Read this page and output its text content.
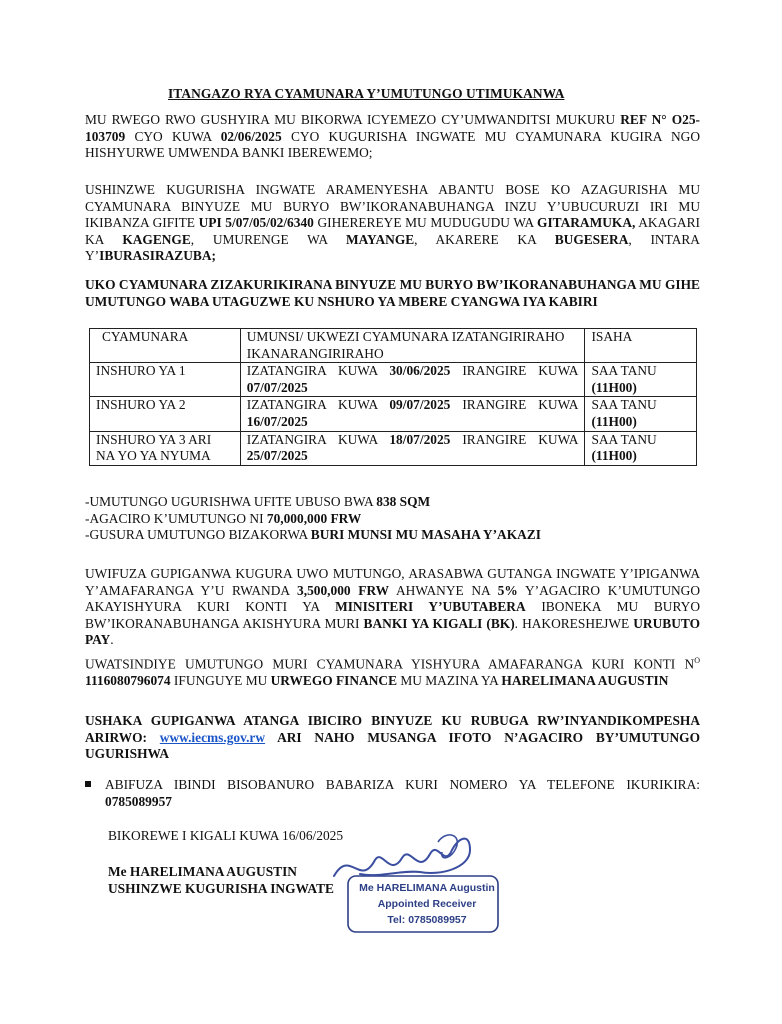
ITANGAZO RYA CYAMUNARA Y’UMUTUNGO UTIMUKANWA

MU RWEGO RWO GUSHYIRA MU BIKORWA ICYEMEZO CY’UMWANDITSI MUKURU REF N° O25-103709 CYO KUWA 02/06/2025 CYO KUGURISHA INGWATE MU CYAMUNARA KUGIRA NGO HISHYURWE UMWENDA BANKI IBEREWEMO;

USHINZWE KUGURISHA INGWATE ARAMENYESHA ABANTU BOSE KO AZAGURISHA MU CYAMUNARA BINYUZE MU BURYO BW’IKORANABUHANGA INZU Y’UBUCURUZI IRI MU IKIBANZA GIFITE UPI 5/07/05/02/6340 GIHEREREYE MU MUDUGUDU WA GITARAMUKA, AKAGARI KA KAGENGE, UMURENGE WA MAYANGE, AKARERE KA BUGESERA, INTARA Y’IBURASIRAZUBA;

UKO CYAMUNARA ZIZAKURIKIRANA BINYUZE MU BURYO BW’IKORANABUHANGA MU GIHE UMUTUNGO WABA UTAGUZWE KU NSHURO YA MBERE CYANGWA IYA KABIRI

CYAMUNARA	UMUNSI/ UKWEZI CYAMUNARA IZATANGIRIRAHO IKANARANGIRIRAHO	ISAHA
INSHURO YA 1	IZATANGIRA KUWA 30/06/2025 IRANGIRE KUWA
07/07/2025	SAA TANU
(11H00)
INSHURO YA 2	IZATANGIRA KUWA 09/07/2025 IRANGIRE KUWA
16/07/2025	SAA TANU
(11H00)
INSHURO YA 3 ARI NA YO YA NYUMA	IZATANGIRA KUWA 18/07/2025 IRANGIRE KUWA
25/07/2025	SAA TANU
(11H00)
-UMUTUNGO UGURISHWA UFITE UBUSO BWA 838 SQM
-AGACIRO K’UMUTUNGO NI 70,000,000 FRW
-GUSURA UMUTUNGO BIZAKORWA BURI MUNSI MU MASAHA Y’AKAZI

UWIFUZA GUPIGANWA KUGURA UWO MUTUNGO, ARASABWA GUTANGA INGWATE Y’IPIGANWA Y’AMAFARANGA Y’U RWANDA 3,500,000 FRW AHWANYE NA 5% Y’AGACIRO K’UMUTUNGO AKAYISHYURA KURI KONTI YA MINISITERI Y’UBUTABERA IBONEKA MU BURYO BW’IKORANABUHANGA AKISHYURA MURI BANKI YA KIGALI (BK). HAKORESHEJWE URUBUTO PAY.

UWATSINDIYE UMUTUNGO MURI CYAMUNARA YISHYURA AMAFARANGA KURI KONTI $N^O$ 1116080796074 IFUNGUYE MU URWEGO FINANCE MU MAZINA YA HARELIMANA AUGUSTIN

USHAKA GUPIGANWA ATANGA IBICIRO BINYUZE KU RUBUGA RW’INYANDIKOMPESHA ARIRWO: www.iecms.gov.rw ARI NAHO MUSANGA IFOTO N’AGACIRO BY’UMUTUNGO UGURISHWA

ABIFUZA IBINDI BISOBANURO BABARIZA KURI NOMERO YA TELEFONE IKURIKIRA: 0785089957
BIKOREWE I KIGALI KUWA 16/06/2025
Me HARELIMANA Augustin
Appointed Receiver
Tel: 0785089957
Me HARELIMANA AUGUSTIN
USHINZWE KUGURISHA INGWATE
